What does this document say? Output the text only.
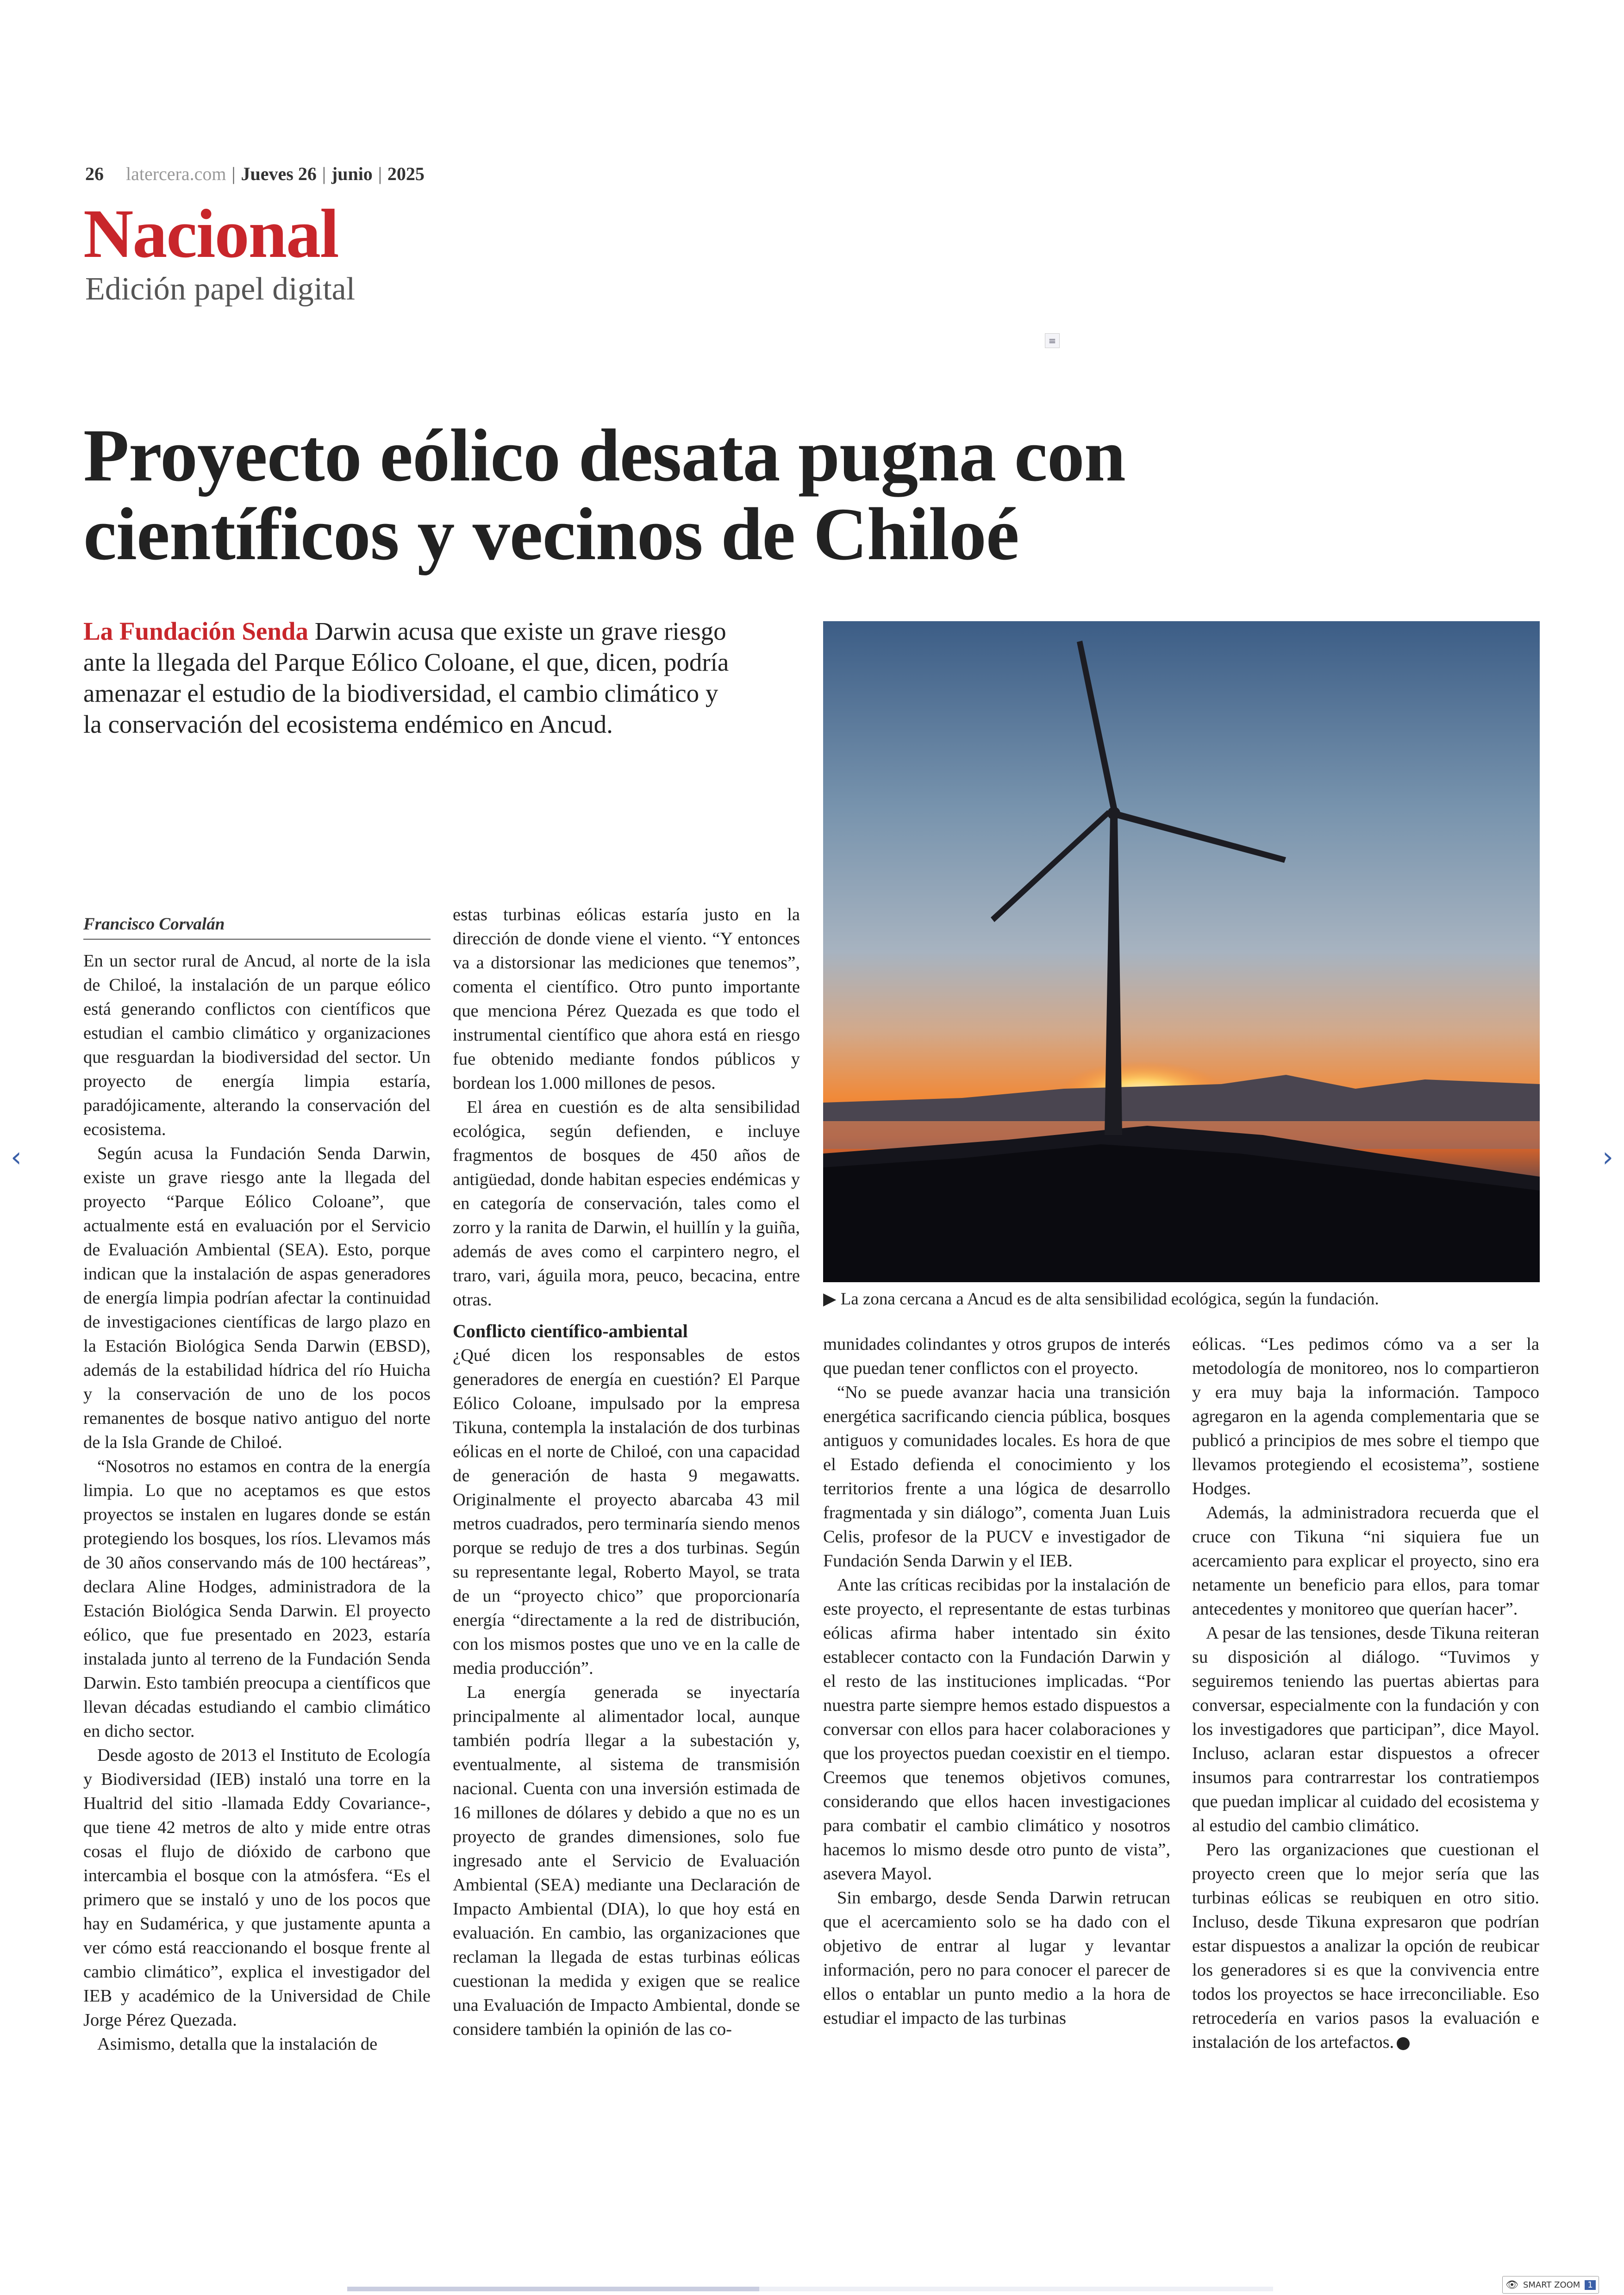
26 latercera.com | Jueves 26 | junio | 2025
Nacional
Edición papel digital
≡
Proyecto eólico desata pugna con
científicos y vecinos de Chiloé
La Fundación Senda Darwin acusa que existe un grave riesgo ante la llegada del Parque Eólico Coloane, el que, dicen, podría amenazar el estudio de la biodiversidad, el cambio climático y la conservación del ecosistema endémico en Ancud.
▶ La zona cercana a Ancud es de alta sensibilidad ecológica, según la fundación.
Francisco Corvalán

En un sector rural de Ancud, al norte de la isla de Chiloé, la instalación de un parque eólico está generando conflictos con científicos que estudian el cambio climático y organizaciones que resguardan la biodiversidad del sector. Un proyecto de energía limpia estaría, paradójicamente, alterando la conservación del ecosistema.

Según acusa la Fundación Senda Darwin, existe un grave riesgo ante la llegada del proyecto “Parque Eólico Coloane”, que actualmente está en evaluación por el Servicio de Evaluación Ambiental (SEA). Esto, porque indican que la instalación de aspas generadores de energía limpia podrían afectar la continuidad de investigaciones científicas de largo plazo en la Estación Biológica Senda Darwin (EBSD), además de la estabilidad hídrica del río Huicha y la conservación de uno de los pocos remanentes de bosque nativo antiguo del norte de la Isla Grande de Chiloé.

“Nosotros no estamos en contra de la energía limpia. Lo que no aceptamos es que estos proyectos se instalen en lugares donde se están protegiendo los bosques, los ríos. Llevamos más de 30 años conservando más de 100 hectáreas”, declara Aline Hodges, administradora de la Estación Biológica Senda Darwin. El proyecto eólico, que fue presentado en 2023, estaría instalada junto al terreno de la Fundación Senda Darwin. Esto también preocupa a científicos que llevan décadas estudiando el cambio climático en dicho sector.

Desde agosto de 2013 el Instituto de Ecología y Biodiversidad (IEB) instaló una torre en la Hualtrid del sitio -llamada Eddy Covariance-, que tiene 42 metros de alto y mide entre otras cosas el flujo de dióxido de carbono que intercambia el bosque con la atmósfera. “Es el primero que se instaló y uno de los pocos que hay en Sudamérica, y que justamente apunta a ver cómo está reaccionando el bosque frente al cambio climático”, explica el investigador del IEB y académico de la Universidad de Chile Jorge Pérez Quezada.

Asimismo, detalla que la instalación de

estas turbinas eólicas estaría justo en la dirección de donde viene el viento. “Y entonces va a distorsionar las mediciones que tenemos”, comenta el científico. Otro punto importante que menciona Pérez Quezada es que todo el instrumental científico que ahora está en riesgo fue obtenido mediante fondos públicos y bordean los 1.000 millones de pesos.

El área en cuestión es de alta sensibilidad ecológica, según defienden, e incluye fragmentos de bosques de 450 años de antigüedad, donde habitan especies endémicas y en categoría de conservación, tales como el zorro y la ranita de Darwin, el huillín y la guiña, además de aves como el carpintero negro, el traro, vari, águila mora, peuco, becacina, entre otras.

Conflicto científico-ambiental

¿Qué dicen los responsables de estos generadores de energía en cuestión? El Parque Eólico Coloane, impulsado por la empresa Tikuna, contempla la instalación de dos turbinas eólicas en el norte de Chiloé, con una capacidad de generación de hasta 9 megawatts. Originalmente el proyecto abarcaba 43 mil metros cuadrados, pero terminaría siendo menos porque se redujo de tres a dos turbinas. Según su representante legal, Roberto Mayol, se trata de un “proyecto chico” que proporcionaría energía “directamente a la red de distribución, con los mismos postes que uno ve en la calle de media producción”.

La energía generada se inyectaría principalmente al alimentador local, aunque también podría llegar a la subestación y, eventualmente, al sistema de transmisión nacional. Cuenta con una inversión estimada de 16 millones de dólares y debido a que no es un proyecto de grandes dimensiones, solo fue ingresado ante el Servicio de Evaluación Ambiental (SEA) mediante una Declaración de Impacto Ambiental (DIA), lo que hoy está en evaluación. En cambio, las organizaciones que reclaman la llegada de estas turbinas eólicas cuestionan la medida y exigen que se realice una Evaluación de Impacto Ambiental, donde se considere también la opinión de las co-

munidades colindantes y otros grupos de interés que puedan tener conflictos con el proyecto.

“No se puede avanzar hacia una transición energética sacrificando ciencia pública, bosques antiguos y comunidades locales. Es hora de que el Estado defienda el conocimiento y los territorios frente a una lógica de desarrollo fragmentada y sin diálogo”, comenta Juan Luis Celis, profesor de la PUCV e investigador de Fundación Senda Darwin y el IEB.

Ante las críticas recibidas por la instalación de este proyecto, el representante de estas turbinas eólicas afirma haber intentado sin éxito establecer contacto con la Fundación Darwin y el resto de las instituciones implicadas. “Por nuestra parte siempre hemos estado dispuestos a conversar con ellos para hacer colaboraciones y que los proyectos puedan coexistir en el tiempo. Creemos que tenemos objetivos comunes, considerando que ellos hacen investigaciones para combatir el cambio climático y nosotros hacemos lo mismo desde otro punto de vista”, asevera Mayol.

Sin embargo, desde Senda Darwin retrucan que el acercamiento solo se ha dado con el objetivo de entrar al lugar y levantar información, pero no para conocer el parecer de ellos o entablar un punto medio a la hora de estudiar el impacto de las turbinas

eólicas. “Les pedimos cómo va a ser la metodología de monitoreo, nos lo compartieron y era muy baja la información. Tampoco agregaron en la agenda complementaria que se publicó a principios de mes sobre el tiempo que llevamos protegiendo el ecosistema”, sostiene Hodges.

Además, la administradora recuerda que el cruce con Tikuna “ni siquiera fue un acercamiento para explicar el proyecto, sino era netamente un beneficio para ellos, para tomar antecedentes y monitoreo que querían hacer”.

A pesar de las tensiones, desde Tikuna reiteran su disposición al diálogo. “Tuvimos y seguiremos teniendo las puertas abiertas para conversar, especialmente con la fundación y con los investigadores que participan”, dice Mayol. Incluso, aclaran estar dispuestos a ofrecer insumos para contrarrestar los contratiempos que puedan implicar al cuidado del ecosistema y al estudio del cambio climático.

Pero las organizaciones que cuestionan el proyecto creen que lo mejor sería que las turbinas eólicas se reubiquen en otro sitio. Incluso, desde Tikuna expresaron que podrían estar dispuestos a analizar la opción de reubicar los generadores si es que la convivencia entre todos los proyectos se hace irreconciliable. Eso retrocedería en varios pasos la evaluación e instalación de los artefactos.

‹	›
👁 SMART ZOOM 1
